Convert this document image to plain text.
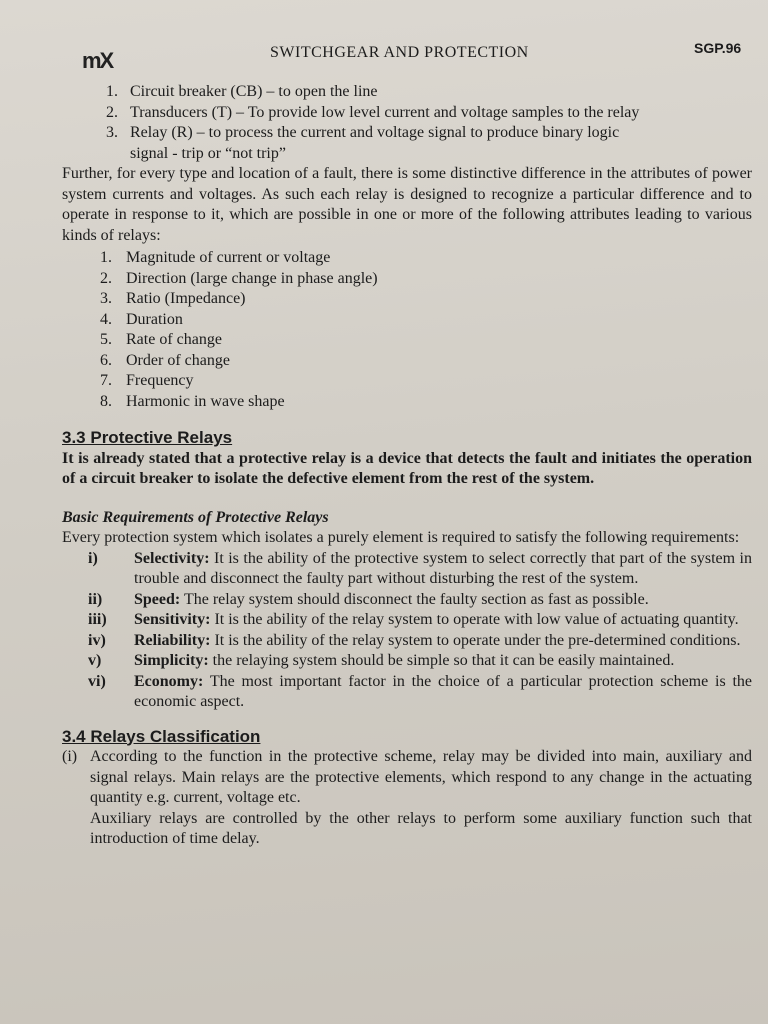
mX	SWITCHGEAR AND PROTECTION	SGP.96
1. Circuit breaker (CB) – to open the line
2. Transducers (T) – To provide low level current and voltage samples to the relay
3. Relay (R) – to process the current and voltage signal to produce binary logic
signal - trip or “not trip”

Further, for every type and location of a fault, there is some distinctive difference in the attributes of power system currents and voltages. As such each relay is designed to recognize a particular difference and to operate in response to it, which are possible in one or more of the following attributes leading to various kinds of relays:

1. Magnitude of current or voltage
2. Direction (large change in phase angle)
3. Ratio (Impedance)
4. Duration
5. Rate of change
6. Order of change
7. Frequency
8. Harmonic in wave shape
3.3 Protective Relays

It is already stated that a protective relay is a device that detects the fault and initiates the operation of a circuit breaker to isolate the defective element from the rest of the system.

Basic Requirements of Protective Relays

Every protection system which isolates a purely element is required to satisfy the following requirements:

i)	Selectivity: It is the ability of the protective system to select correctly that part of the system in trouble and disconnect the faulty part without disturbing the rest of the system.
ii)	Speed: The relay system should disconnect the faulty section as fast as possible.
iii)	Sensitivity: It is the ability of the relay system to operate with low value of actuating quantity.
iv)	Reliability: It is the ability of the relay system to operate under the pre-determined conditions.
v)	Simplicity: the relaying system should be simple so that it can be easily maintained.
vi)	Economy: The most important factor in the choice of a particular protection scheme is the economic aspect.
3.4 Relays Classification
(i) According to the function in the protective scheme, relay may be divided into main, auxiliary and signal relays. Main relays are the protective elements, which respond to any change in the actuating quantity e.g. current, voltage etc.
Auxiliary relays are controlled by the other relays to perform some auxiliary function such that introduction of time delay.
